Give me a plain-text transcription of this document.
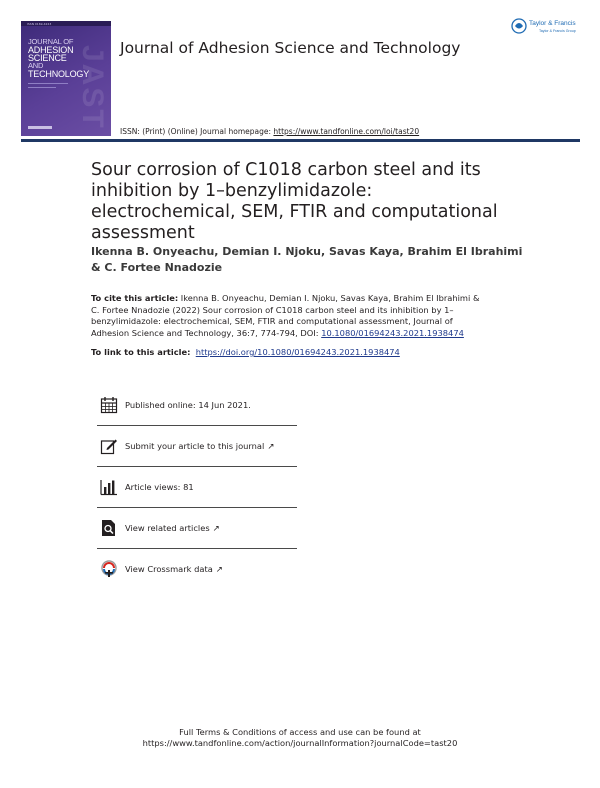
ISSN 0169-4243
JOURNAL OF
ADHESION
SCIENCE
AND
TECHNOLOGY
JAST Journal of Adhesion Science and Technology
ISSN: (Print) (Online) Journal homepage: https://www.tandfonline.com/loi/tast20
Taylor & Francis
Taylor & Francis Group
Sour corrosion of C1018 carbon steel and its inhibition by 1–benzylimidazole: electrochemical, SEM, FTIR and computational assessment

Ikenna B. Onyeachu, Demian I. Njoku, Savas Kaya, Brahim El Ibrahimi & C. Fortee Nnadozie

To cite this article: Ikenna B. Onyeachu, Demian I. Njoku, Savas Kaya, Brahim El Ibrahimi & C. Fortee Nnadozie (2022) Sour corrosion of C1018 carbon steel and its inhibition by 1–benzylimidazole: electrochemical, SEM, FTIR and computational assessment, Journal of Adhesion Science and Technology, 36:7, 774-794, DOI: 10.1080/01694243.2021.1938474
To link to this article: https://doi.org/10.1080/01694243.2021.1938474
Published online: 14 Jun 2021.
Submit your article to this journal ↗︎
Article views: 81
View related articles ↗︎
View Crossmark data ↗︎
Full Terms & Conditions of access and use can be found at
https://www.tandfonline.com/action/journalInformation?journalCode=tast20
